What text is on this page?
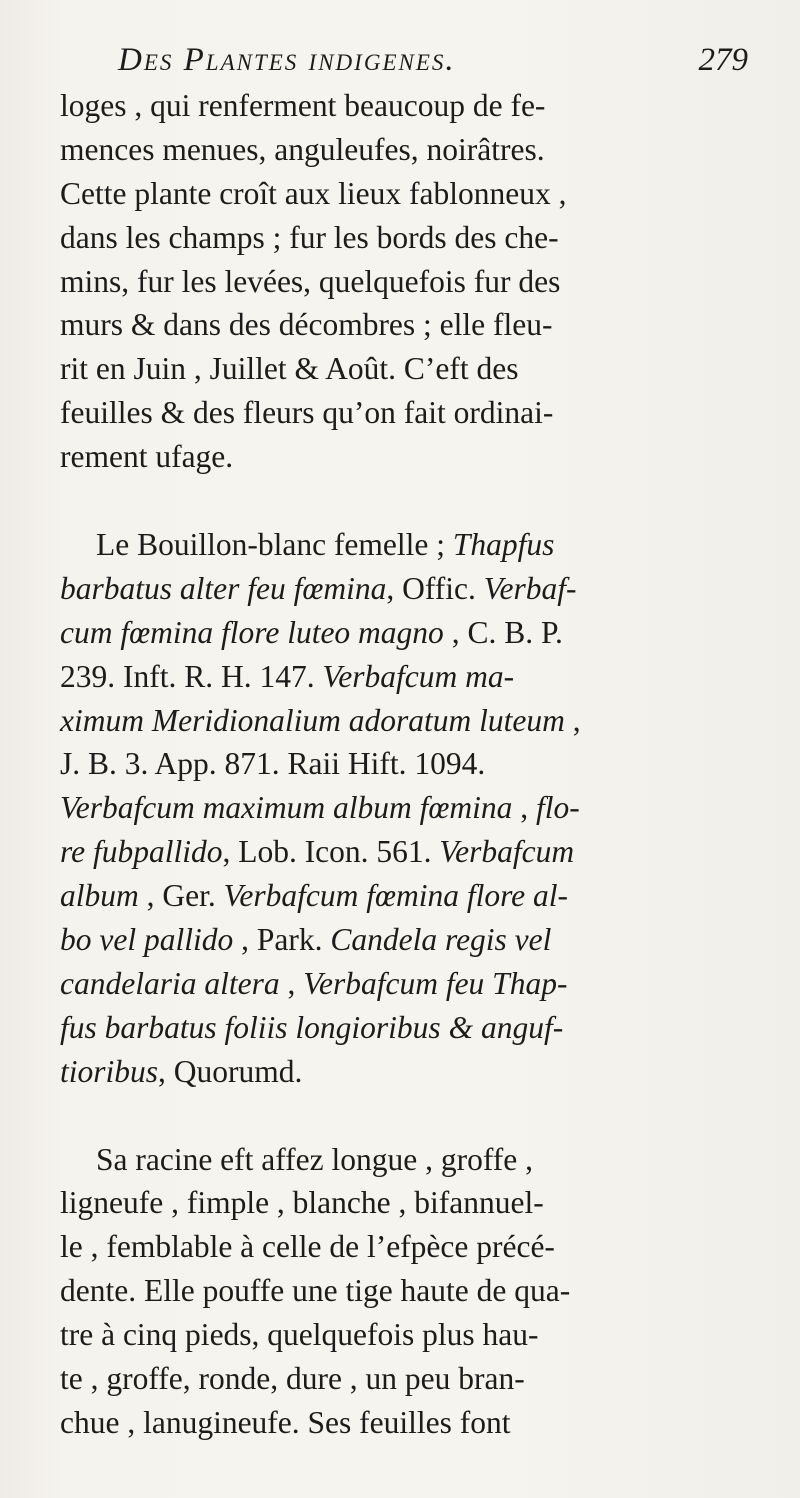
Des Plantes indigenes.	279
loges , qui renferment beaucoup de fe-
mences menues, anguleufes, noirâtres.
Cette plante croît aux lieux fablonneux ,
dans les champs ; fur les bords des che-
mins, fur les levées, quelquefois fur des
murs & dans des décombres ; elle fleu-
rit en Juin , Juillet & Août. C’eft des
feuilles & des fleurs qu’on fait ordinai-
rement ufage.
Le Bouillon-blanc femelle ; Thapfus
barbatus alter feu fœmina, Offic. Verbaf-
cum fœmina flore luteo magno , C. B. P.
239. Inft. R. H. 147. Verbafcum ma-
ximum Meridionalium adoratum luteum ,
J. B. 3. App. 871. Raii Hift. 1094.
Verbafcum maximum album fœmina , flo-
re fubpallido, Lob. Icon. 561. Verbafcum
album , Ger. Verbafcum fœmina flore al-
bo vel pallido , Park. Candela regis vel
candelaria altera , Verbafcum feu Thap-
fus barbatus foliis longioribus & anguf-
tioribus, Quorumd.
Sa racine eft affez longue , groffe ,
ligneufe , fimple , blanche , bifannuel-
le , femblable à celle de l’efpèce précé-
dente. Elle pouffe une tige haute de qua-
tre à cinq pieds, quelquefois plus hau-
te , groffe, ronde, dure , un peu bran-
chue , lanugineufe. Ses feuilles font
